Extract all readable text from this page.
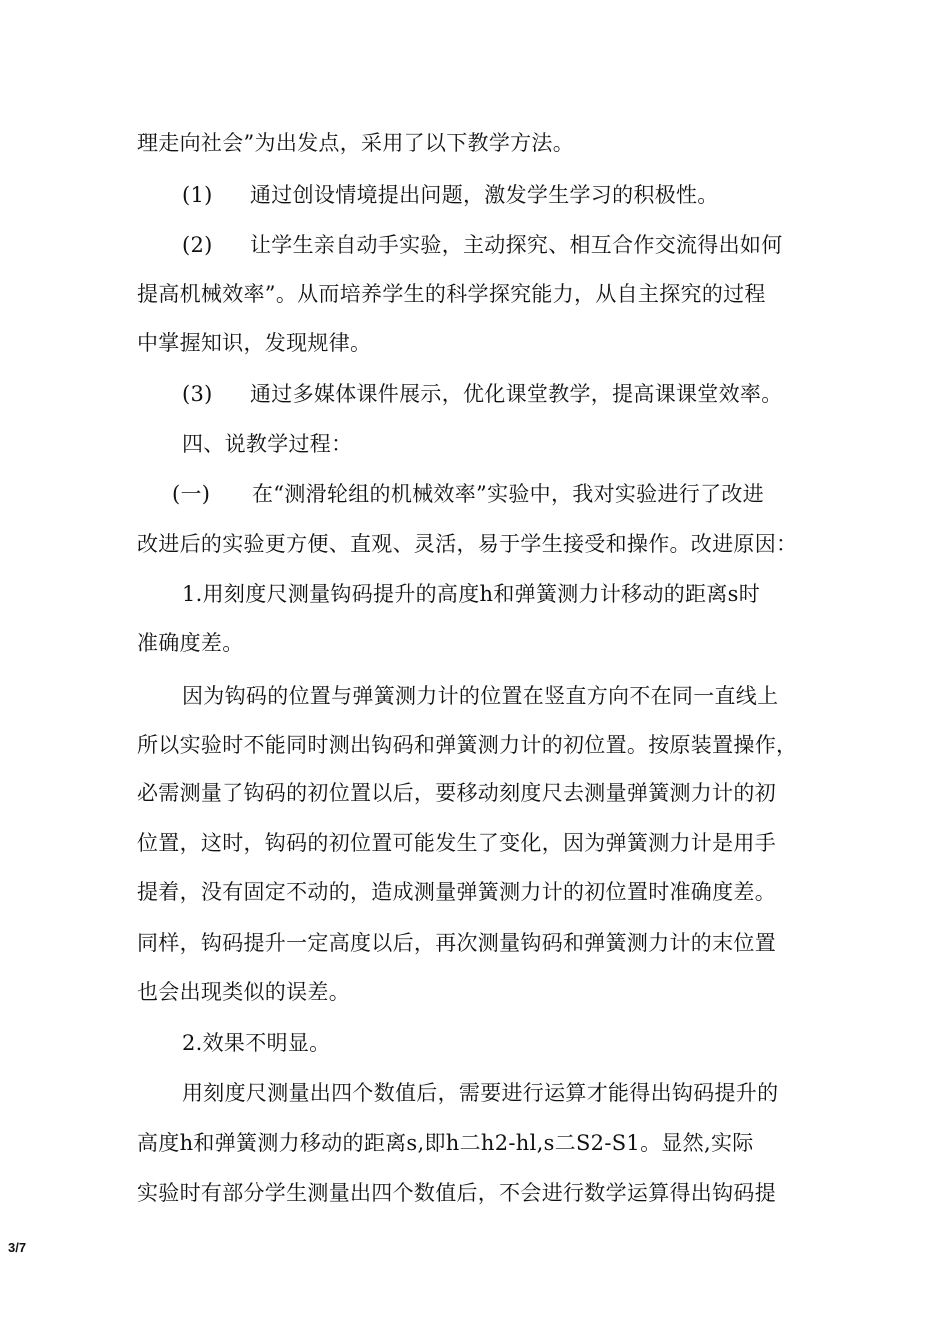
理走向社会”为出发点，采用了以下教学方法。
(1) 通过创设情境提出问题，激发学生学习的积极性。
(2) 让学生亲自动手实验，主动探究、相互合作交流得出如何
提高机械效率”。从而培养学生的科学探究能力，从自主探究的过程
中掌握知识，发现规律。
(3) 通过多媒体课件展示，优化课堂教学，提高课课堂效率。
四、说教学过程：
(一) 在“测滑轮组的机械效率”实验中，我对实验进行了改进
改进后的实验更方便、直观、灵活，易于学生接受和操作。改进原因：
1.用刻度尺测量钩码提升的高度h和弹簧测力计移动的距离s时
准确度差。
因为钩码的位置与弹簧测力计的位置在竖直方向不在同一直线上
所以实验时不能同时测出钩码和弹簧测力计的初位置。按原装置操作，
必需测量了钩码的初位置以后，要移动刻度尺去测量弹簧测力计的初
位置，这时，钩码的初位置可能发生了变化，因为弹簧测力计是用手
提着，没有固定不动的，造成测量弹簧测力计的初位置时准确度差。
同样，钩码提升一定高度以后，再次测量钩码和弹簧测力计的末位置
也会出现类似的误差。
2.效果不明显。
用刻度尺测量出四个数值后，需要进行运算才能得出钩码提升的
高度h和弹簧测力移动的距离s,即h二h2-hl,s二S2-S1。显然,实际
实验时有部分学生测量出四个数值后，不会进行数学运算得出钩码提
3/7
